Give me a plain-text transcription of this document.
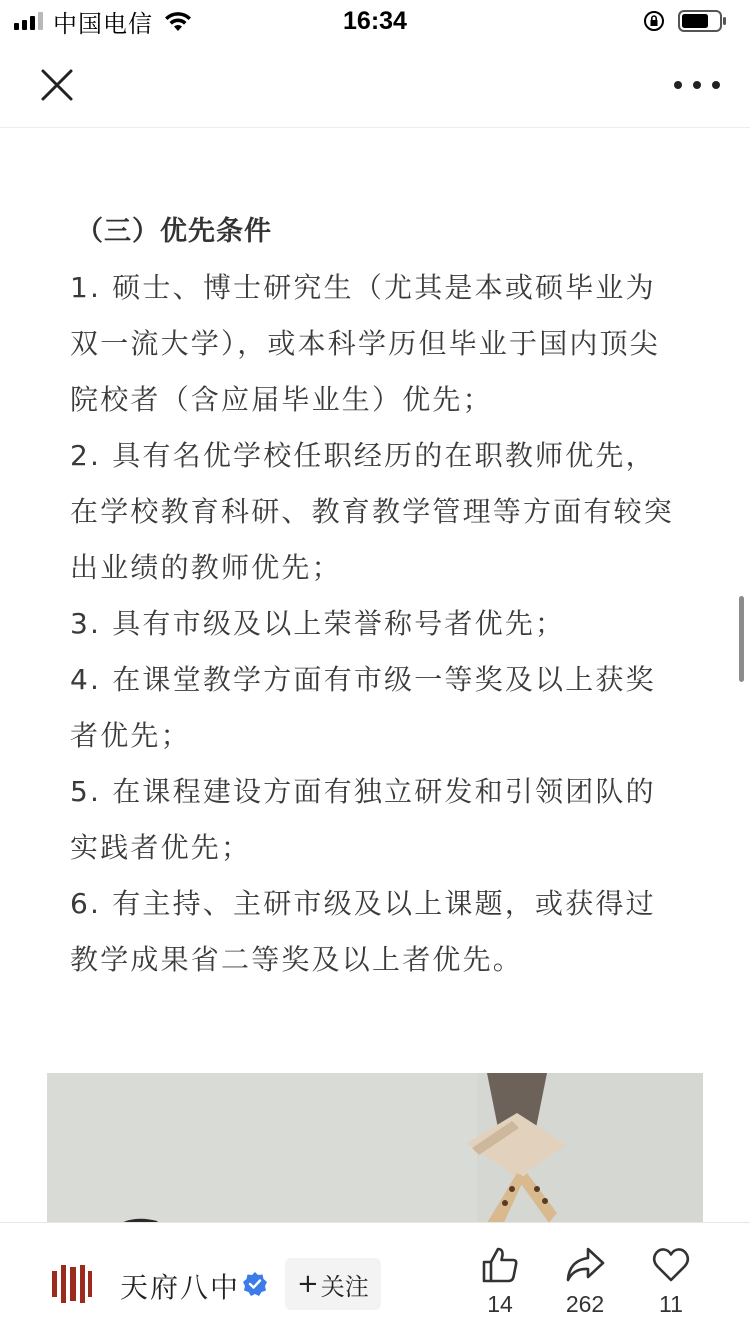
中国电信	16:34
（三）优先条件

1. 硕士、博士研究生（尤其是本或硕毕业为双一流大学），或本科学历但毕业于国内顶尖院校者（含应届毕业生）优先；

2. 具有名优学校任职经历的在职教师优先，在学校教育科研、教育教学管理等方面有较突出业绩的教师优先；

3. 具有市级及以上荣誉称号者优先；

4. 在课堂教学方面有市级一等奖及以上获奖者优先；

5. 在课程建设方面有独立研发和引领团队的实践者优先；

6. 有主持、主研市级及以上课题，或获得过教学成果省二等奖及以上者优先。

天府八中 + 关注
14	262	11
